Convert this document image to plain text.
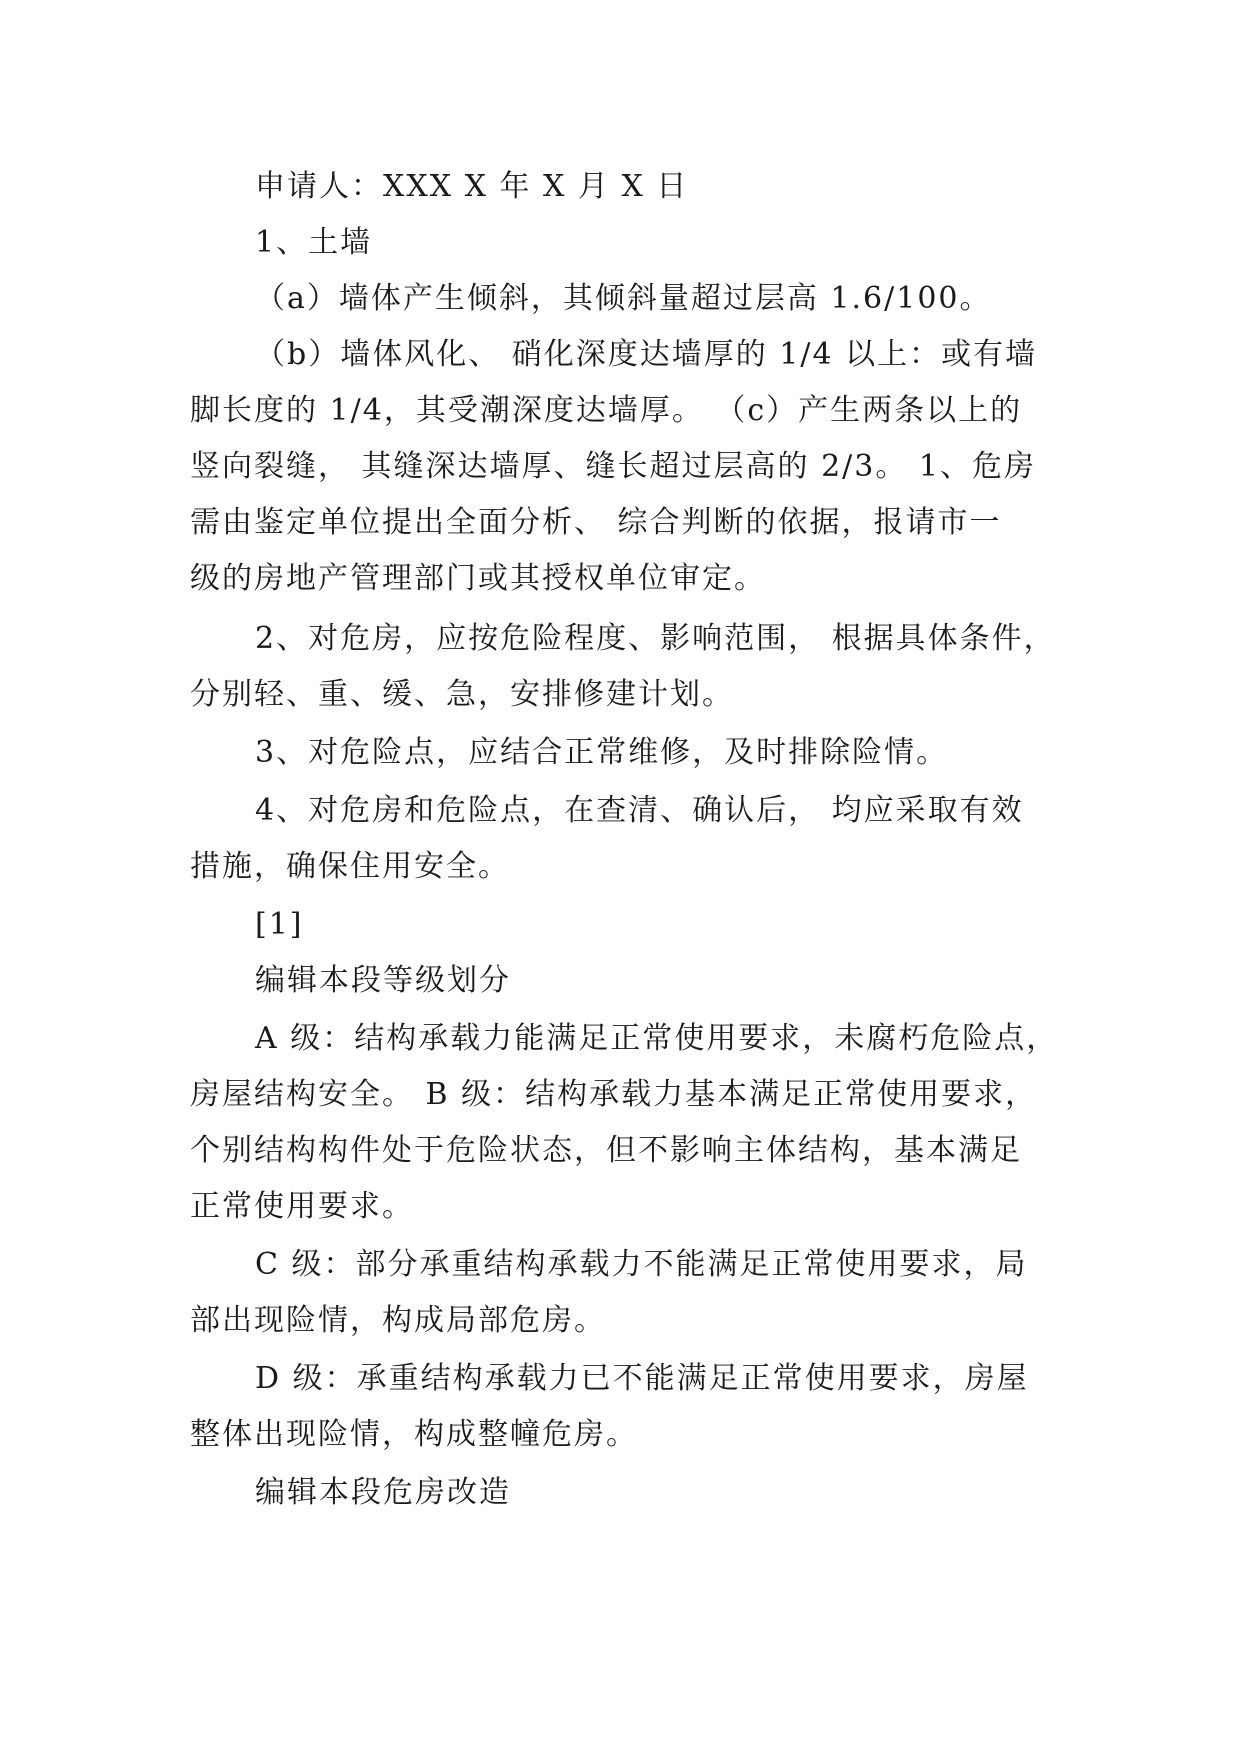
申请人：XXX X 年 X 月 X 日
1、土墙
（a）墙体产生倾斜，其倾斜量超过层高 1.6/100。
（b）墙体风化、 硝化深度达墙厚的 1/4 以上：或有墙
脚长度的 1/4，其受潮深度达墙厚。 （c）产生两条以上的
竖向裂缝， 其缝深达墙厚、缝长超过层高的 2/3。 1、危房
需由鉴定单位提出全面分析、 综合判断的依据，报请市一
级的房地产管理部门或其授权单位审定。
2、对危房，应按危险程度、影响范围， 根据具体条件，
分别轻、重、缓、急，安排修建计划。
3、对危险点，应结合正常维修，及时排除险情。
4、对危房和危险点，在查清、确认后， 均应采取有效
措施，确保住用安全。
[1]
编辑本段等级划分
A 级：结构承载力能满足正常使用要求，未腐朽危险点，
房屋结构安全。 B 级：结构承载力基本满足正常使用要求，
个别结构构件处于危险状态，但不影响主体结构，基本满足
正常使用要求。
C 级：部分承重结构承载力不能满足正常使用要求，局
部出现险情，构成局部危房。
D 级：承重结构承载力已不能满足正常使用要求，房屋
整体出现险情，构成整幢危房。
编辑本段危房改造
